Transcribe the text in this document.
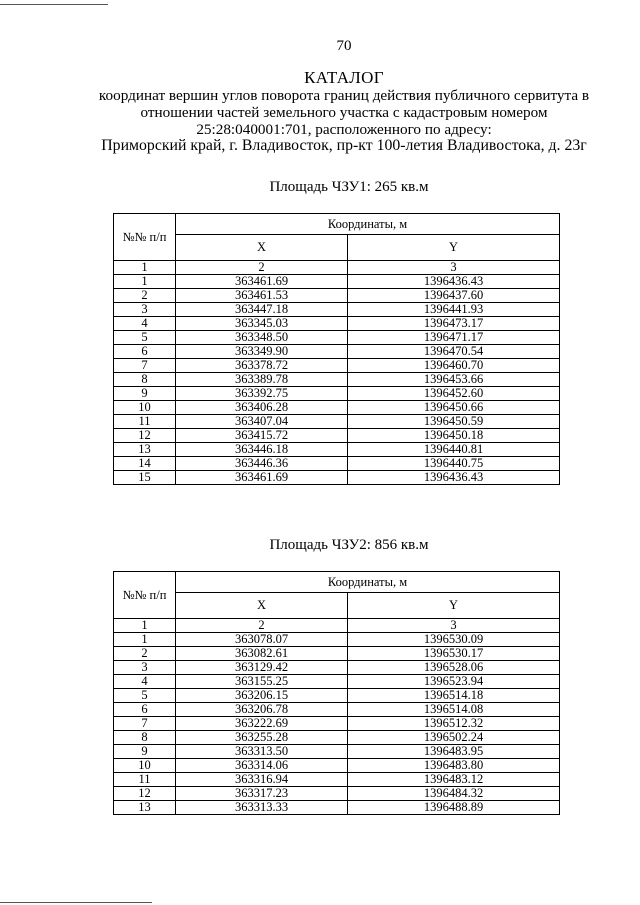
70
КАТАЛОГ
координат вершин углов поворота границ действия публичного сервитута в
отношении частей земельного участка с кадастровым номером
25:28:040001:701, расположенного по адресу:
Приморский край, г. Владивосток, пр-кт 100-летия Владивостока, д. 23г
Площадь ЧЗУ1: 265 кв.м
№№ п/п	Координаты, м	
	X	Y
1	2	3
1	363461.69	1396436.43
2	363461.53	1396437.60
3	363447.18	1396441.93
4	363345.03	1396473.17
5	363348.50	1396471.17
6	363349.90	1396470.54
7	363378.72	1396460.70
8	363389.78	1396453.66
9	363392.75	1396452.60
10	363406.28	1396450.66
11	363407.04	1396450.59
12	363415.72	1396450.18
13	363446.18	1396440.81
14	363446.36	1396440.75
15	363461.69	1396436.43
Площадь ЧЗУ2: 856 кв.м
№№ п/п	Координаты, м	
	X	Y
1	2	3
1	363078.07	1396530.09
2	363082.61	1396530.17
3	363129.42	1396528.06
4	363155.25	1396523.94
5	363206.15	1396514.18
6	363206.78	1396514.08
7	363222.69	1396512.32
8	363255.28	1396502.24
9	363313.50	1396483.95
10	363314.06	1396483.80
11	363316.94	1396483.12
12	363317.23	1396484.32
13	363313.33	1396488.89
